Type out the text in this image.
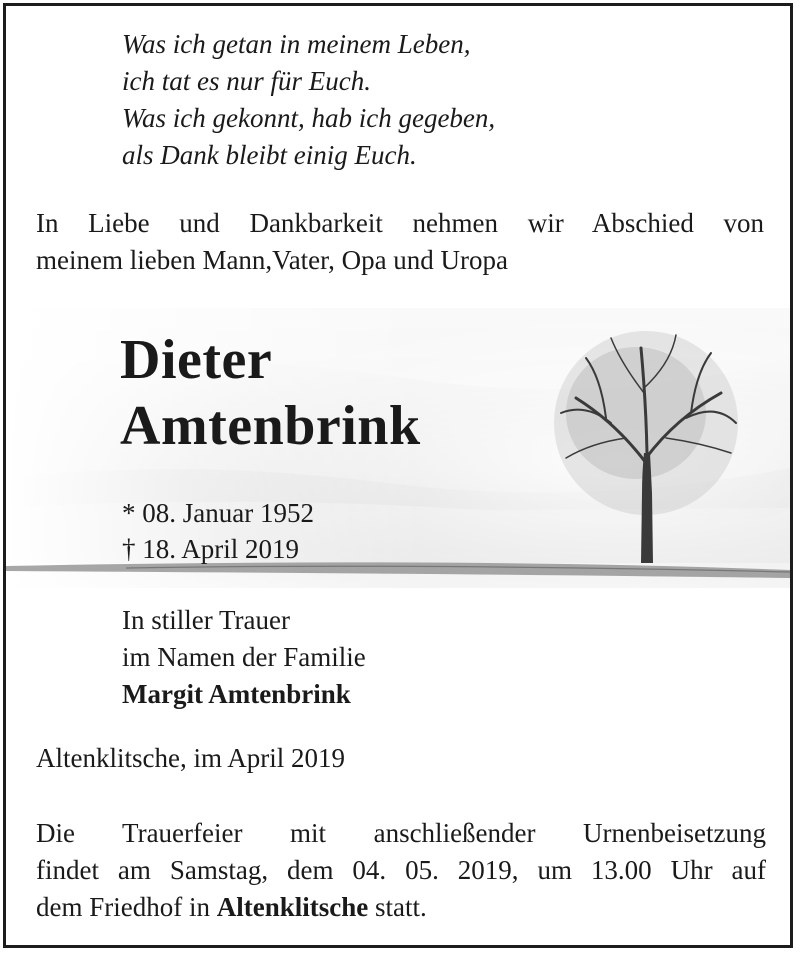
Was ich getan in meinem Leben,
ich tat es nur für Euch.
Was ich gekonnt, hab ich gegeben,
als Dank bleibt einig Euch.
In Liebe und Dankbarkeit nehmen wir Abschied von
meinem lieben Mann,Vater, Opa und Uropa
Dieter
Amtenbrink
* 08. Januar 1952
† 18. April 2019
In stiller Trauer
im Namen der Familie
Margit Amtenbrink
Altenklitsche, im April 2019
Die Trauerfeier mit anschließender Urnenbeisetzung
findet am Samstag, dem 04. 05. 2019, um 13.00 Uhr auf
dem Friedhof in Altenklitsche statt.
